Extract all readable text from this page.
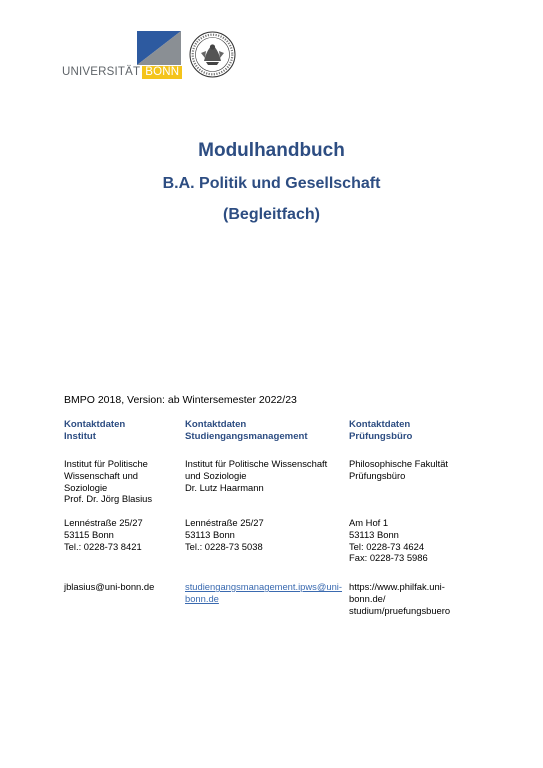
UNIVERSITÄT BONN

Modulhandbuch

B.A. Politik und Gesellschaft

(Begleitfach)

BMPO 2018, Version: ab Wintersemester 2022/23
Kontaktdaten
Institut
Institut für Politische
Wissenschaft und
Soziologie
Prof. Dr. Jörg Blasius
Lennéstraße 25/27
53115 Bonn
Tel.: 0228-73 8421
jblasius@uni-bonn.de
Kontaktdaten
Studiengangsmanagement
Institut für Politische Wissenschaft
und Soziologie
Dr. Lutz Haarmann
Lennéstraße 25/27
53113 Bonn
Tel.: 0228-73 5038
studiengangsmanagement.ipws@uni-
bonn.de
Kontaktdaten
Prüfungsbüro
Philosophische Fakultät
Prüfungsbüro
Am Hof 1
53113 Bonn
Tel: 0228-73 4624
Fax: 0228-73 5986
https://www.philfak.uni-
bonn.de/
studium/pruefungsbuero
